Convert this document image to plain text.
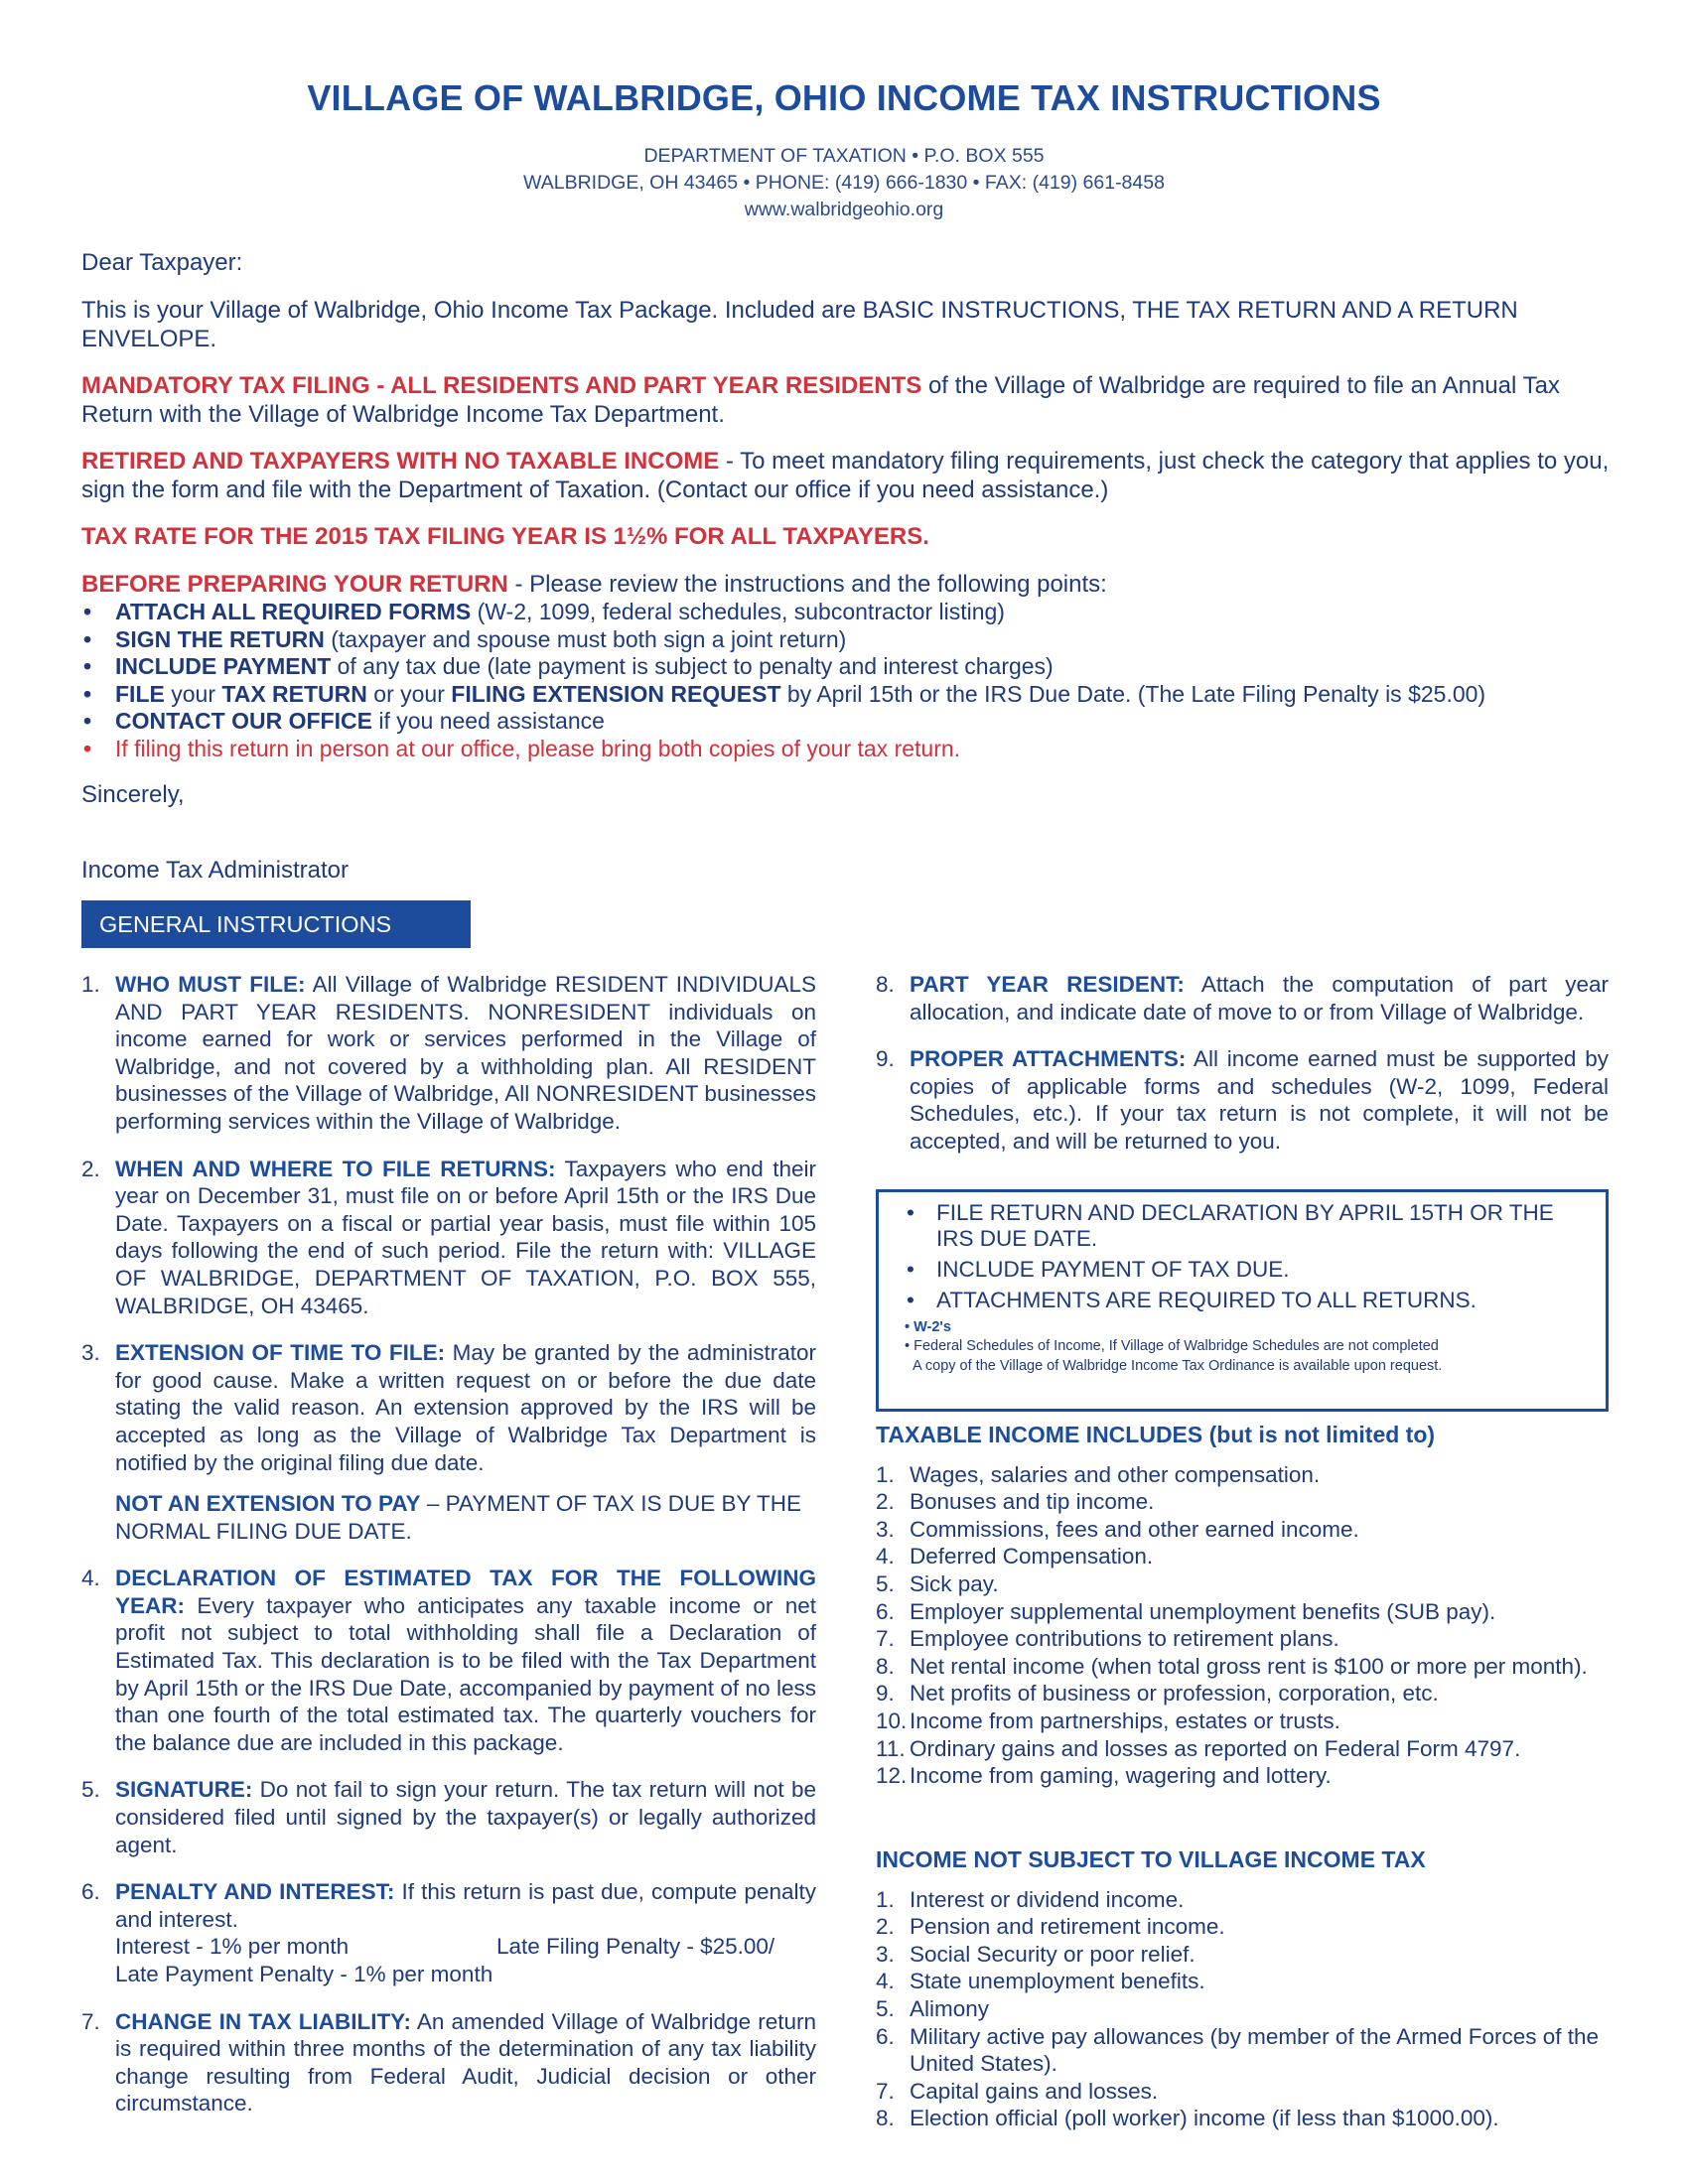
VILLAGE OF WALBRIDGE, OHIO INCOME TAX INSTRUCTIONS
DEPARTMENT OF TAXATION • P.O. BOX 555
WALBRIDGE, OH 43465 • PHONE: (419) 666-1830 • FAX: (419) 661-8458
www.walbridgeohio.org
Dear Taxpayer:
This is your Village of Walbridge, Ohio Income Tax Package. Included are BASIC INSTRUCTIONS, THE TAX RETURN AND A RETURN ENVELOPE.
MANDATORY TAX FILING - ALL RESIDENTS AND PART YEAR RESIDENTS of the Village of Walbridge are required to file an Annual Tax Return with the Village of Walbridge Income Tax Department.
RETIRED AND TAXPAYERS WITH NO TAXABLE INCOME - To meet mandatory filing requirements, just check the category that applies to you, sign the form and file with the Department of Taxation. (Contact our office if you need assistance.)
TAX RATE FOR THE 2015 TAX FILING YEAR IS 1½% FOR ALL TAXPAYERS.
BEFORE PREPARING YOUR RETURN - Please review the instructions and the following points:
• ATTACH ALL REQUIRED FORMS (W-2, 1099, federal schedules, subcontractor listing)
• SIGN THE RETURN (taxpayer and spouse must both sign a joint return)
• INCLUDE PAYMENT of any tax due (late payment is subject to penalty and interest charges)
• FILE your TAX RETURN or your FILING EXTENSION REQUEST by April 15th or the IRS Due Date. (The Late Filing Penalty is $25.00)
• CONTACT OUR OFFICE if you need assistance
• If filing this return in person at our office, please bring both copies of your tax return.
Sincerely,
Income Tax Administrator
GENERAL INSTRUCTIONS
1. WHO MUST FILE: All Village of Walbridge RESIDENT INDIVIDUALS AND PART YEAR RESIDENTS. NONRESIDENT individuals on income earned for work or services performed in the Village of Walbridge, and not covered by a withholding plan. All RESIDENT businesses of the Village of Walbridge, All NONRESIDENT businesses performing services within the Village of Walbridge.
2. WHEN AND WHERE TO FILE RETURNS: Taxpayers who end their year on December 31, must file on or before April 15th or the IRS Due Date. Taxpayers on a fiscal or partial year basis, must file within 105 days following the end of such period. File the return with: VILLAGE OF WALBRIDGE, DEPARTMENT OF TAXATION, P.O. BOX 555, WALBRIDGE, OH 43465.
3. EXTENSION OF TIME TO FILE: May be granted by the administrator for good cause. Make a written request on or before the due date stating the valid reason. An extension approved by the IRS will be accepted as long as the Village of Walbridge Tax Department is notified by the original filing due date.
NOT AN EXTENSION TO PAY – PAYMENT OF TAX IS DUE BY THE NORMAL FILING DUE DATE.
4. DECLARATION OF ESTIMATED TAX FOR THE FOLLOWING YEAR: Every taxpayer who anticipates any taxable income or net profit not subject to total withholding shall file a Declaration of Estimated Tax. This declaration is to be filed with the Tax Department by April 15th or the IRS Due Date, accompanied by payment of no less than one fourth of the total estimated tax. The quarterly vouchers for the balance due are included in this package.
5. SIGNATURE: Do not fail to sign your return. The tax return will not be considered filed until signed by the taxpayer(s) or legally authorized agent.
6. PENALTY AND INTEREST: If this return is past due, compute penalty and interest.
Interest - 1% per month	Late Filing Penalty - $25.00/
Late Payment Penalty - 1% per month
7. CHANGE IN TAX LIABILITY: An amended Village of Walbridge return is required within three months of the determination of any tax liability change resulting from Federal Audit, Judicial decision or other circumstance.
8. PART YEAR RESIDENT: Attach the computation of part year allocation, and indicate date of move to or from Village of Walbridge.
9. PROPER ATTACHMENTS: All income earned must be supported by copies of applicable forms and schedules (W-2, 1099, Federal Schedules, etc.). If your tax return is not complete, it will not be accepted, and will be returned to you.
• FILE RETURN AND DECLARATION BY APRIL 15TH OR THE IRS DUE DATE.
• INCLUDE PAYMENT OF TAX DUE.
• ATTACHMENTS ARE REQUIRED TO ALL RETURNS.
• W-2's
• Federal Schedules of Income, If Village of Walbridge Schedules are not completed
A copy of the Village of Walbridge Income Tax Ordinance is available upon request.
TAXABLE INCOME INCLUDES (but is not limited to)
1. Wages, salaries and other compensation.
2. Bonuses and tip income.
3. Commissions, fees and other earned income.
4. Deferred Compensation.
5. Sick pay.
6. Employer supplemental unemployment benefits (SUB pay).
7. Employee contributions to retirement plans.
8. Net rental income (when total gross rent is $100 or more per month).
9. Net profits of business or profession, corporation, etc.
10. Income from partnerships, estates or trusts.
11. Ordinary gains and losses as reported on Federal Form 4797.
12. Income from gaming, wagering and lottery.
INCOME NOT SUBJECT TO VILLAGE INCOME TAX
1. Interest or dividend income.
2. Pension and retirement income.
3. Social Security or poor relief.
4. State unemployment benefits.
5. Alimony
6. Military active pay allowances (by member of the Armed Forces of the United States).
7. Capital gains and losses.
8. Election official (poll worker) income (if less than $1000.00).
